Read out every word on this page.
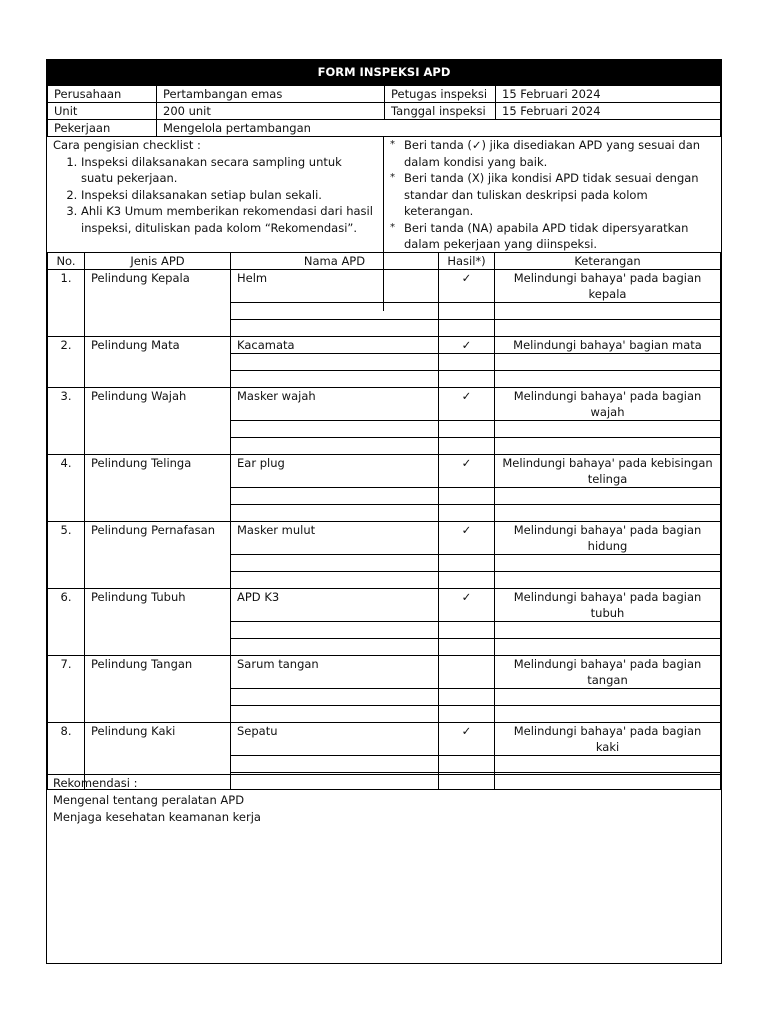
FORM INSPEKSI APD
Perusahaan	Pertambangan emas	Petugas inspeksi	15 Februari 2024
Unit	200 unit	Tanggal inspeksi	15 Februari 2024
Pekerjaan	Mengelola pertambangan		
Cara pengisian checklist :
1. Inspeksi dilaksanakan secara sampling untuk suatu pekerjaan.
2. Inspeksi dilaksanakan setiap bulan sekali.
3. Ahli K3 Umum memberikan rekomendasi dari hasil inspeksi, dituliskan pada kolom “Rekomendasi”.
* Beri tanda (✓) jika disediakan APD yang sesuai dan dalam kondisi yang baik.
* Beri tanda (X) jika kondisi APD tidak sesuai dengan standar dan tuliskan deskripsi pada kolom keterangan.
* Beri tanda (NA) apabila APD tidak dipersyaratkan dalam pekerjaan yang diinspeksi.
No.	Jenis APD	Nama APD	Hasil*)	Keterangan
1.	Pelindung Kepala	Helm	✓	Melindungi bahaya' pada bagian kepala

2.	Pelindung Mata	Kacamata	✓	Melindungi bahaya' bagian mata

3.	Pelindung Wajah	Masker wajah	✓	Melindungi bahaya' pada bagian wajah

4.	Pelindung Telinga	Ear plug	✓	Melindungi bahaya' pada kebisingan telinga

5.	Pelindung Pernafasan	Masker mulut	✓	Melindungi bahaya' pada bagian hidung

6.	Pelindung Tubuh	APD K3	✓	Melindungi bahaya' pada bagian tubuh

7.	Pelindung Tangan	Sarum tangan		Melindungi bahaya' pada bagian tangan

8.	Pelindung Kaki	Sepatu	✓	Melindungi bahaya' pada bagian kaki

Rekomendasi :
Mengenal tentang peralatan APD
Menjaga kesehatan keamanan kerja
